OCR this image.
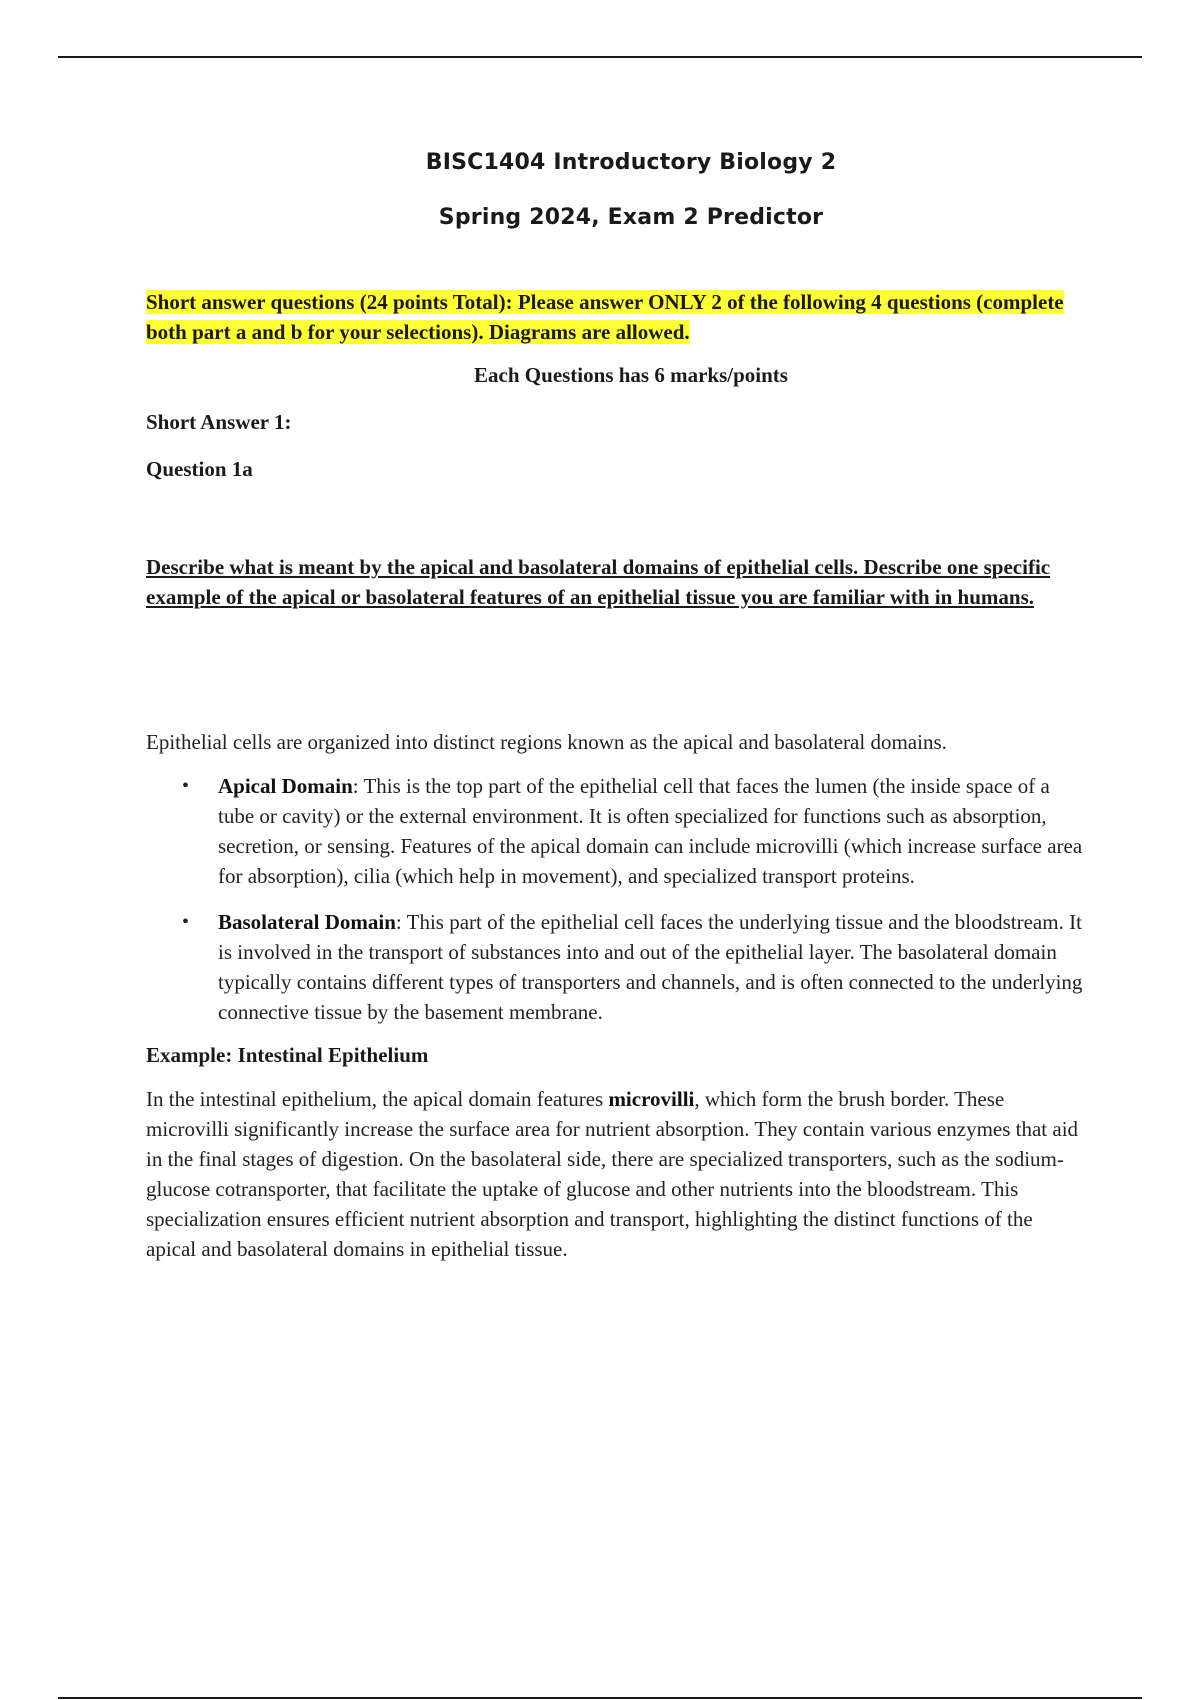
BISC1404 Introductory Biology 2
Spring 2024, Exam 2 Predictor
Short answer questions (24 points Total): Please answer ONLY 2 of the following 4 questions (complete both part a and b for your selections). Diagrams are allowed.
Each Questions has 6 marks/points
Short Answer 1:
Question 1a
Describe what is meant by the apical and basolateral domains of epithelial cells. Describe one specific example of the apical or basolateral features of an epithelial tissue you are familiar with in humans.
Epithelial cells are organized into distinct regions known as the apical and basolateral domains.
• Apical Domain: This is the top part of the epithelial cell that faces the lumen (the inside space of a tube or cavity) or the external environment. It is often specialized for functions such as absorption, secretion, or sensing. Features of the apical domain can include microvilli (which increase surface area for absorption), cilia (which help in movement), and specialized transport proteins.
• Basolateral Domain: This part of the epithelial cell faces the underlying tissue and the bloodstream. It is involved in the transport of substances into and out of the epithelial layer. The basolateral domain typically contains different types of transporters and channels, and is often connected to the underlying connective tissue by the basement membrane.
Example: Intestinal Epithelium
In the intestinal epithelium, the apical domain features microvilli, which form the brush border. These microvilli significantly increase the surface area for nutrient absorption. They contain various enzymes that aid in the final stages of digestion. On the basolateral side, there are specialized transporters, such as the sodium-glucose cotransporter, that facilitate the uptake of glucose and other nutrients into the bloodstream. This specialization ensures efficient nutrient absorption and transport, highlighting the distinct functions of the apical and basolateral domains in epithelial tissue.
